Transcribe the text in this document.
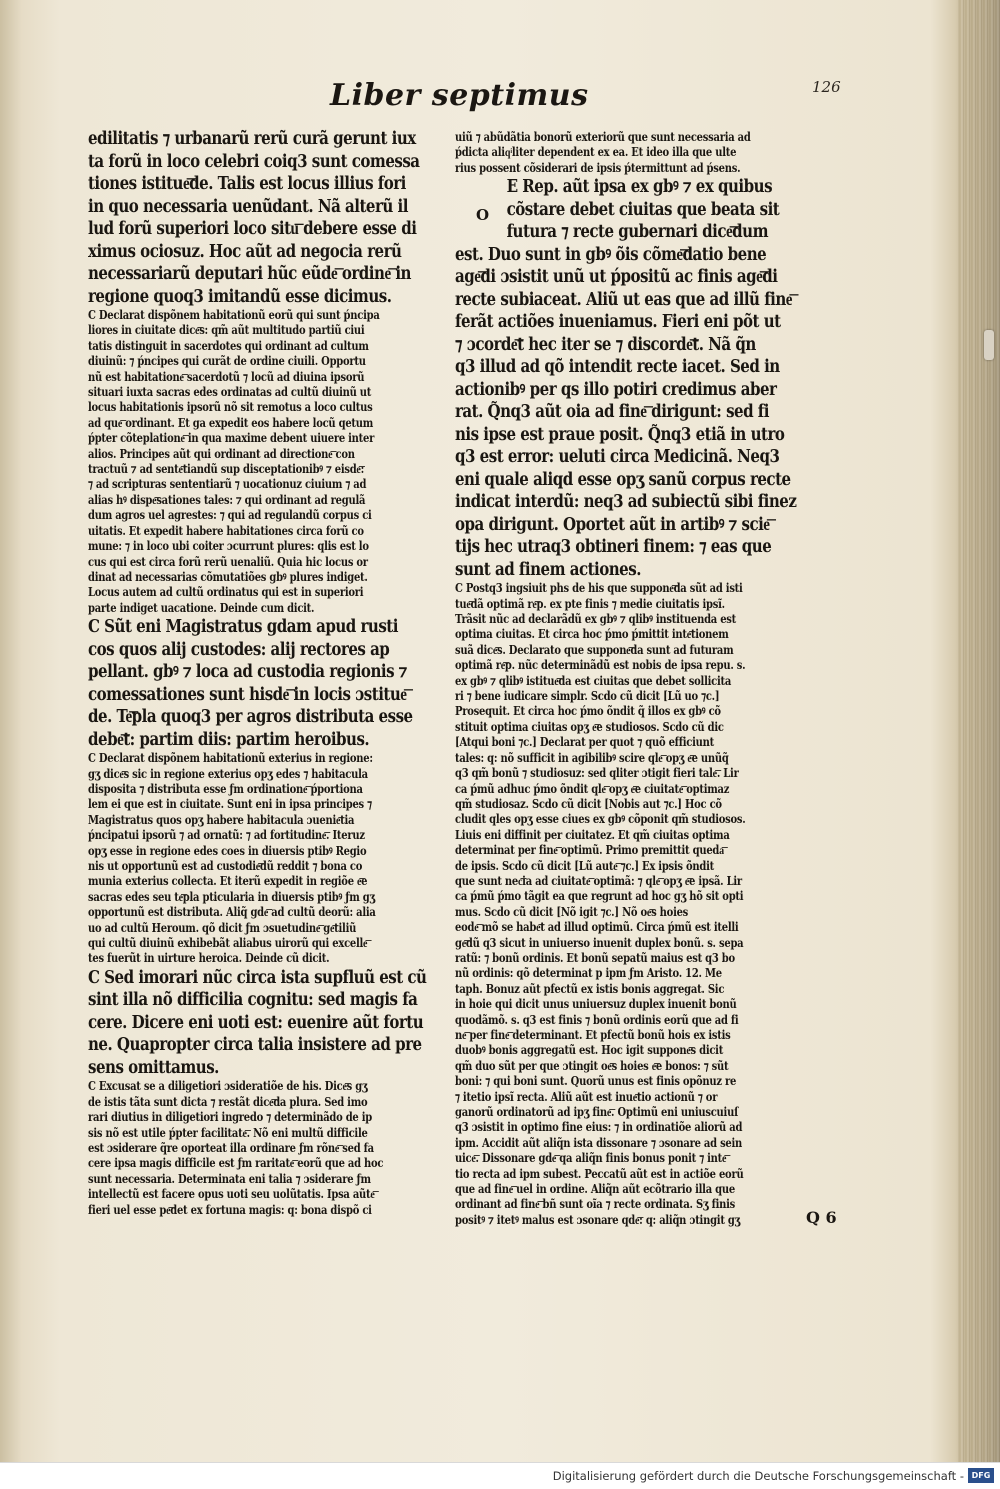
Liber septimus	126
O
edilitatis ⁊ urbanarũ rerũ curã gerunt iux
ta forũ in loco celebri coiq3 sunt comessa
tiones istitue͞de. Talis est locus illius fori
in quo necessaria uenũdant. Nã alterũ il
lud forũ superiori loco situ͞ debere esse di
ximus ociosuz. Hoc aũt ad negocia rerũ
necessariarũ deputari hũc eũde͞ ordine͞ in
regione quoq3 imitandũ esse dicimus.
C Declarat dispõnem habitationũ eorũ qui sunt ṕncipa
liores in ciuitate dice͞s: qm̃ aũt multitudo partiũ ciui
tatis distinguit in sacerdotes qui ordinant ad cultum
diuinũ: ⁊ ṕncipes qui curãt de ordine ciuili. Opportu
nũ est habitatione͞ sacerdotũ ⁊ locũ ad diuina ipsorũ
situari iuxta sacras edes ordinatas ad cultũ diuinũ ut
locus habitationis ipsorũ nõ sit remotus a loco cultus
ad que͞ ordinant. Et ga expedit eos habere locũ qetum
ṕpter cõteplatione͞ in qua maxime debent uiuere inter
alios. Principes aũt qui ordinant ad directione͞ con
tractuũ ⁊ ad sente͞tiandũ sup disceptationibꝰ ⁊ eisde͞:
⁊ ad scripturas sententiarũ ⁊ uocationuz ciuium ⁊ ad
alias hꝰ dispe͞sationes tales: ⁊ qui ordinant ad regulã
dum agros uel agrestes: ⁊ qui ad regulandũ corpus ci
uitatis. Et expedit habere habitationes circa forũ co
mune: ⁊ in loco ubi coiter ɔcurrunt plures: qlis est lo
cus qui est circa forũ rerũ uenaliũ. Quia hic locus or
dinat ad necessarias cõmutatiões gbꝰ plures indiget.
Locus autem ad cultũ ordinatus qui est in superiori
parte indiget uacatione. Deinde cum dicit.
C Sũt eni Magistratus gdam apud rusti
cos quos alij custodes: alij rectores ap
pellant. gbꝰ ⁊ loca ad custodia regionis ⁊
comessationes sunt hisde͞ in locis ɔstitue͞
de. Te͞pla quoq3 per agros distributa esse
debe͞t: partim diis: partim heroibus.
C Declarat dispõnem habitationũ exterius in regione:
gʒ dice͞s sic in regione exterius opʒ edes ⁊ habitacula
disposita ⁊ distributa esse ƒm ordinatione͞ ṕportiona
lem ei que est in ciuitate. Sunt eni in ipsa principes ⁊
Magistratus quos opʒ habere habitacula ɔuenie͞tia
ṕncipatui ipsorũ ⁊ ad ornatũ: ⁊ ad fortitudine͞. Iteruz
opʒ esse in regione edes coes in diuersis ptibꝰ Regio
nis ut opportunũ est ad custodie͞dũ reddit ⁊ bona co
munia exterius collecta. Et iterũ expedit in regiõe e͞e
sacras edes seu te͞pla pticularia in diuersis ptibꝰ ƒm gʒ
opportunũ est distributa. Aliq̃ gde͞ ad cultũ deorũ: alia
uo ad cultũ Heroum. qõ dicit ƒm ɔsuetudine͞ ge͞tiliũ
qui cultũ diuinũ exhibebãt aliabus uirorũ qui excelle͞
tes fuerũt in uirture heroica. Deinde cũ dicit.
C Sed imorari nũc circa ista supfluũ est cũ
sint illa nõ difficilia cognitu: sed magis fa
cere. Dicere eni uoti est: euenire aũt fortu
ne. Quapropter circa talia insistere ad pre
sens omittamus.
C Excusat se a diligetiori ɔsideratiõe de his. Dice͞s gʒ
de istis tãta sunt dicta ⁊ restãt dice͞da plura. Sed imo
rari diutius in diligetiori ingredo ⁊ determinãdo de ip
sis nõ est utile ṕpter facilitate͞. Nõ eni multũ difficile
est ɔsiderare q̃re oporteat illa ordinare ƒm rõne͞ sed fa
cere ipsa magis difficile est ƒm raritate͞ eorũ que ad hoc
sunt necessaria. Determinata eni talia ⁊ ɔsiderare ƒm
intellectũ est facere opus uoti seu uolũtatis. Ipsa aũte͞
fieri uel esse pe͞det ex fortuna magis: q: bona dispõ ci
uiũ ⁊ abũdãtia bonorũ exteriorũ que sunt necessaria ad
ṕdicta aliqͥliter dependent ex ea. Et ideo illa que ulte
rius possent cõsiderari de ipsis ṕtermittunt ad ṕsens.
E Rep. aũt ipsa ex gbꝰ ⁊ ex quibus
cõstare debet ciuitas que beata sit
futura ⁊ recte gubernari dice͞dum
est. Duo sunt in gbꝰ õis cõme͞datio bene
age͞di ɔsistit unũ ut ṕpositũ ac finis age͞di
recte subiaceat. Aliũ ut eas que ad illũ fine͞
ferãt actiões inueniamus. Fieri eni põt ut
⁊ ɔcorde͞t hec iter se ⁊ discorde͞t. Nã q̃n
q3 illud ad qõ intendit recte iacet. Sed in
actionibꝰ per qs illo potiri credimus aber
rat. Q̃nq3 aũt oia ad fine͞ dirigunt: sed fi
nis ipse est praue posit. Q̃nq3 etiã in utro
q3 est error: ueluti circa Medicinã. Neq3
eni quale aliqd esse opʒ sanũ corpus recte
indicat interdũ: neq3 ad subiectũ sibi finez
opa dirigunt. Oportet aũt in artibꝰ ⁊ scie͞
tijs hec utraq3 obtineri finem: ⁊ eas que
sunt ad finem actiones.
C Postq3 ingsiuit phs de his que suppone͞da sũt ad isti
tue͞dã optimã re͞p. ex pte finis ⁊ medie ciuitatis ipsĩ.
Trãsit nũc ad declarãdũ ex gbꝰ ⁊ qlibꝰ instituenda est
optima ciuitas. Et circa hoc ṕmo ṕmittit inte͞tionem
suã dice͞s. Declarato que suppone͞da sunt ad futuram
optimã re͞p. nũc determinãdũ est nobis de ipsa repu. s.
ex gbꝰ ⁊ qlibꝰ istitue͞da est ciuitas que debet sollicita
ri ⁊ bene iudicare simplr. Scdo cũ dicit [Lũ uo ⁊c.]
Prosequit. Et circa hoc ṕmo õndit q̃ illos ex gbꝰ cõ
stituit optima ciuitas opʒ e͞e studiosos. Scdo cũ dic
[Atqui boni ⁊c.] Declarat per quot ⁊ quõ efficiunt
tales: q: nõ sufficit in agibilibꝰ scire qle͞ opʒ e͞e unũq̃
q3 qm̃ bonũ ⁊ studiosuz: sed qliter ɔtigit fieri tale͞. Lir
ca ṕmũ adhuc ṕmo õndit qle͞ opʒ e͞e ciuitate͞ optimaz
qm̃ studiosaz. Scdo cũ dicit [Nobis aut ⁊c.] Hoc cõ
cludit qles opʒ esse ciues ex gbꝰ cõponit qm̃ studiosos.
Liuis eni diffinit per ciuitatez. Et qm̃ ciuitas optima
determinat per fine͞ optimũ. Primo premittit queda͞
de ipsis. Scdo cũ dicit [Lũ aute͞ ⁊c.] Ex ipsis õndit
que sunt nec͞ia ad ciuitate͞ optimã: ⁊ qle͞ opʒ e͞e ipsã. Lir
ca ṕmũ ṕmo tãgit ea que regrunt ad hoc gʒ hõ sit opti
mus. Scdo cũ dicit [Nõ igit ⁊c.] Nõ oe͞s hoies
eode͞ mõ se habe͞t ad illud optimũ. Circa ṕmũ est itelli
ge͞dũ q3 sicut in uniuerso inuenit duplex bonũ. s. sepa
ratũ: ⁊ bonũ ordinis. Et bonũ sepatũ maius est q3 bo
nũ ordinis: qõ determinat p ipm ƒm Aristo. 12. Me
taph. Bonuz aũt pfectũ ex istis bonis aggregat. Sic
in hoie qui dicit unus uniuersuz duplex inuenit bonũ
quodãmõ. s. q3 est finis ⁊ bonũ ordinis eorũ que ad fi
ne͞ per fine͞ determinant. Et pfectũ bonũ hois ex istis
duobꝰ bonis aggregatũ est. Hoc igit suppone͞s dicit
qm̃ duo sũt per que ɔtingit oe͞s hoies e͞e bonos: ⁊ sũt
boni: ⁊ qui boni sunt. Quorũ unus est finis opõnuz re
⁊ itetio ipsĩ recta. Aliũ aũt est inue͞tio actionũ ⁊ or
ganorũ ordinatorũ ad ipʒ fine͞. Optimũ eni uniuscuiuſ
q3 ɔsistit in optimo fine eius: ⁊ in ordinatiõe aliorũ ad
ipm. Accidit aũt aliq̃n ista dissonare ⁊ ɔsonare ad sein
uice͞. Dissonare gde͞ qa aliq̃n finis bonus ponit ⁊ inte͞
tio recta ad ipm subest. Peccatũ aũt est in actiõe eorũ
que ad fine͞ uel in ordine. Aliq̃n aũt ecõtrario illa que
ordinant ad fine͞ bñ sunt oĩa ⁊ recte ordinata. Sʒ finis
positꝰ ⁊ itetꝰ malus est ɔsonare qde͞: q: aliq̃n ɔtingit gʒ	Q 6
Digitalisierung gefördert durch die Deutsche Forschungsgemeinschaft - DFG
